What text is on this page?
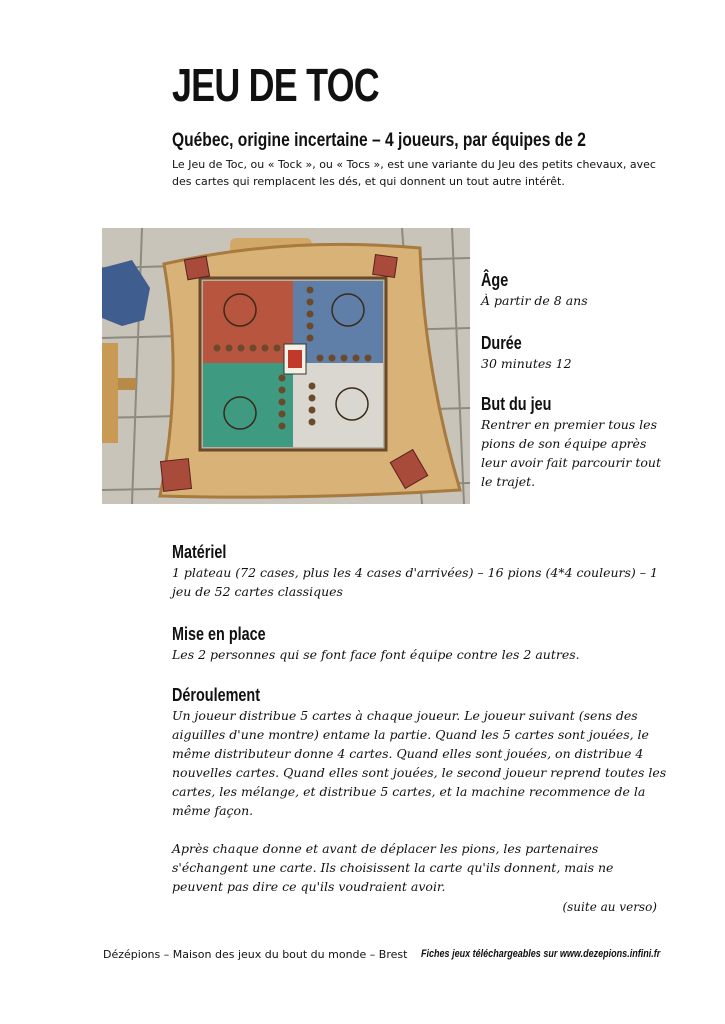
JEU DE TOC
Québec, origine incertaine – 4 joueurs, par équipes de 2
Le Jeu de Toc, ou « Tock », ou « Tocs », est une variante du Jeu des petits chevaux, avec des cartes qui remplacent les dés, et qui donnent un tout autre intérêt.
Âge
À partir de 8 ans
Durée
30 minutes 12
But du jeu
Rentrer en premier tous les pions de son équipe après leur avoir fait parcourir tout le trajet.
Matériel
1 plateau (72 cases, plus les 4 cases d'arrivées) – 16 pions (4*4 couleurs) – 1 jeu de 52 cartes classiques
Mise en place
Les 2 personnes qui se font face font équipe contre les 2 autres.
Déroulement
Un joueur distribue 5 cartes à chaque joueur. Le joueur suivant (sens des aiguilles d'une montre) entame la partie. Quand les 5 cartes sont jouées, le même distributeur donne 4 cartes. Quand elles sont jouées, on distribue 4 nouvelles cartes. Quand elles sont jouées, le second joueur reprend toutes les cartes, les mélange, et distribue 5 cartes, et la machine recommence de la même façon.
Après chaque donne et avant de déplacer les pions, les partenaires s'échangent une carte. Ils choisissent la carte qu'ils donnent, mais ne peuvent pas dire ce qu'ils voudraient avoir.
(suite au verso)
Dézépions – Maison des jeux du bout du monde – Brest Fiches jeux téléchargeables sur www.dezepions.infini.fr
